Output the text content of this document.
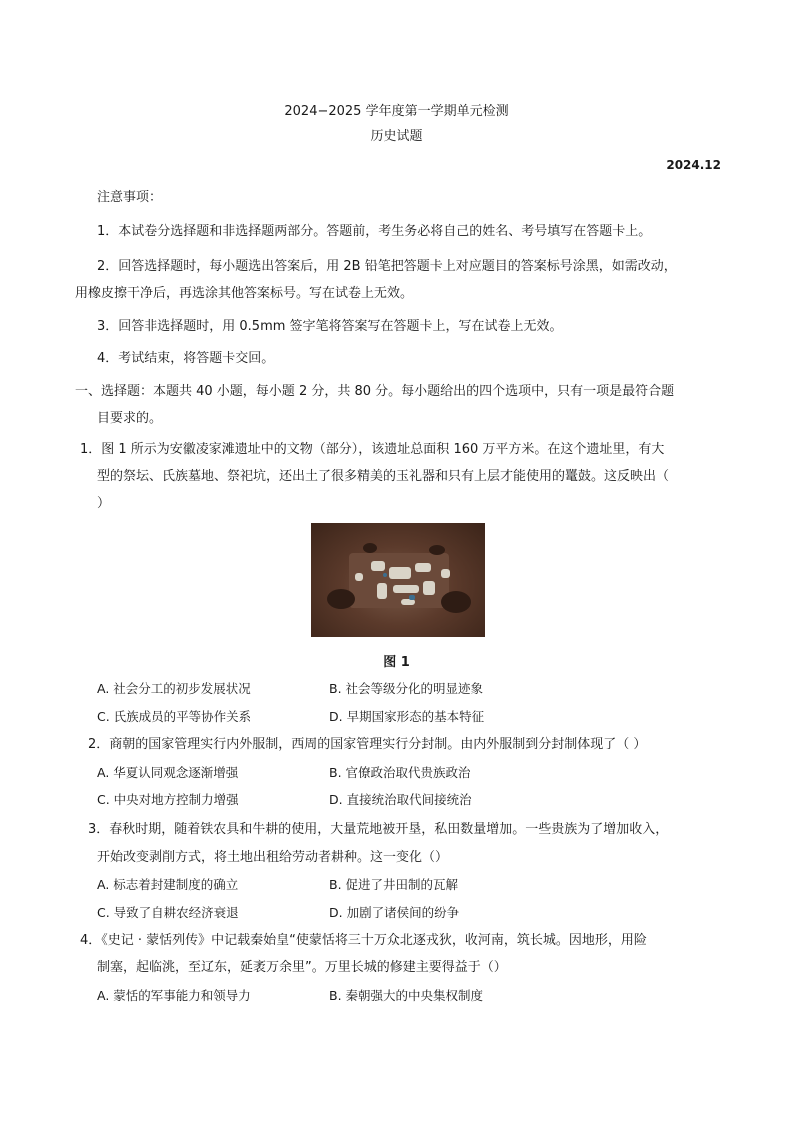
2024−2025 学年度第一学期单元检测
历史试题
2024.12
注意事项：
1．本试卷分选择题和非选择题两部分。答题前，考生务必将自己的姓名、考号填写在答题卡上。
2．回答选择题时，每小题选出答案后，用 2B 铅笔把答题卡上对应题目的答案标号涂黑，如需改动，
用橡皮擦干净后，再选涂其他答案标号。写在试卷上无效。
3．回答非选择题时，用 0.5mm 签字笔将答案写在答题卡上，写在试卷上无效。
4．考试结束，将答题卡交回。
一、选择题：本题共 40 小题，每小题 2 分，共 80 分。每小题给出的四个选项中，只有一项是最符合题
目要求的。
1．图 1 所示为安徽凌家滩遗址中的文物（部分），该遗址总面积 160 万平方米。在这个遗址里，有大
型的祭坛、氏族墓地、祭祀坑，还出土了很多精美的玉礼器和只有上层才能使用的鼍鼓。这反映出（
）
图 1
A. 社会分工的初步发展状况	B. 社会等级分化的明显迹象
C. 氏族成员的平等协作关系	D. 早期国家形态的基本特征
2．商朝的国家管理实行内外服制，西周的国家管理实行分封制。由内外服制到分封制体现了（ ）
A. 华夏认同观念逐渐增强	B. 官僚政治取代贵族政治
C. 中央对地方控制力增强	D. 直接统治取代间接统治
3．春秋时期，随着铁农具和牛耕的使用，大量荒地被开垦，私田数量增加。一些贵族为了增加收入，
开始改变剥削方式，将土地出租给劳动者耕种。这一变化（）
A. 标志着封建制度的确立	B. 促进了井田制的瓦解
C. 导致了自耕农经济衰退	D. 加剧了诸侯间的纷争
4．《史记 · 蒙恬列传》中记载秦始皇“使蒙恬将三十万众北逐戎狄，收河南，筑长城。因地形，用险
制塞，起临洮，至辽东，延袤万余里”。万里长城的修建主要得益于（）
A. 蒙恬的军事能力和领导力	B. 秦朝强大的中央集权制度
